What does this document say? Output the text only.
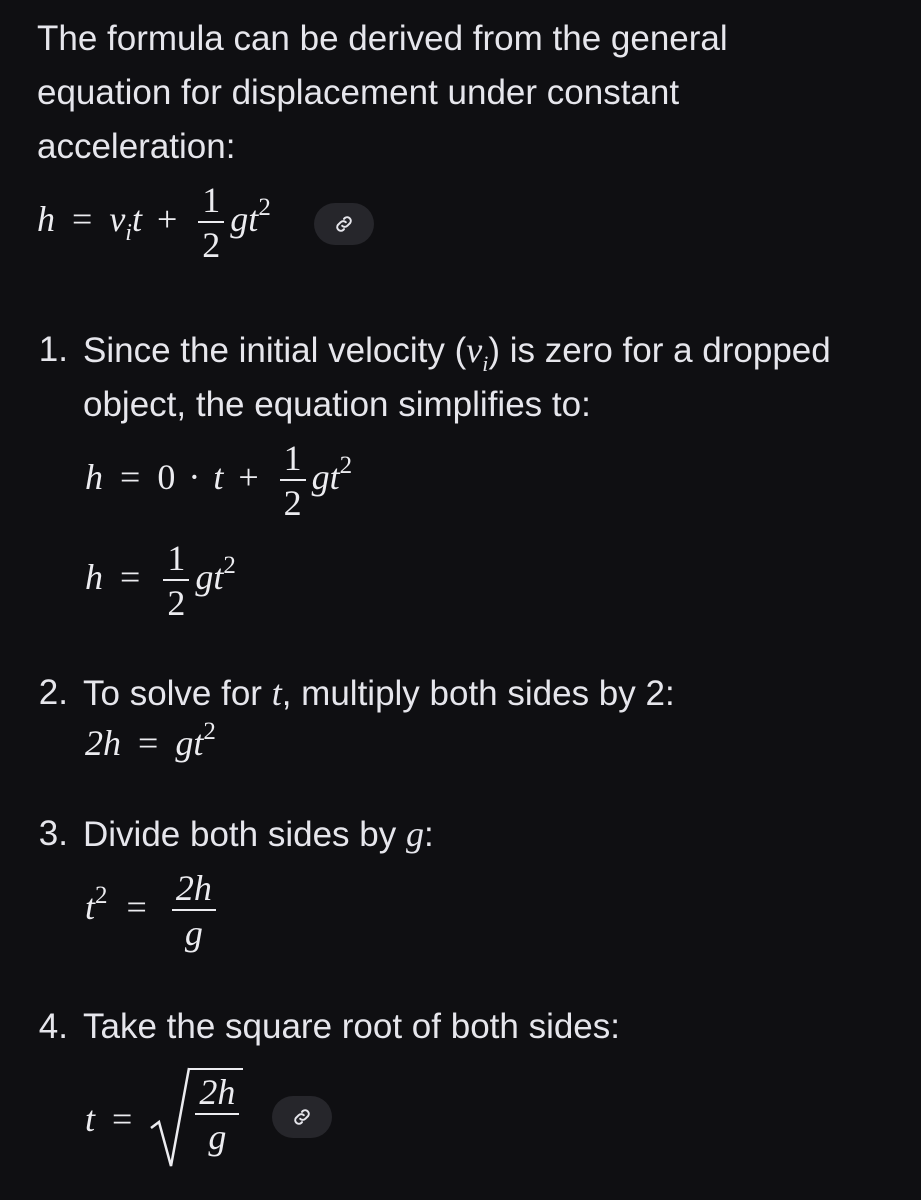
The formula can be derived from the general equation for displacement under constant acceleration:
$h = v_it + \frac{1}{2} gt^2$
1. Since the initial velocity $(v_i)$ is zero for a dropped object, the equation simplifies to:
$h = 0 \cdot t + \frac{1}{2} gt^2$
$h = \frac{1}{2} gt^2$
2. To solve for t, multiply both sides by 2:
$2h = gt^2$
3. Divide both sides by g:
$t^2 = \frac{2h}{g}$
4. Take the square root of both sides:
$t = \frac{2h}{g}$
